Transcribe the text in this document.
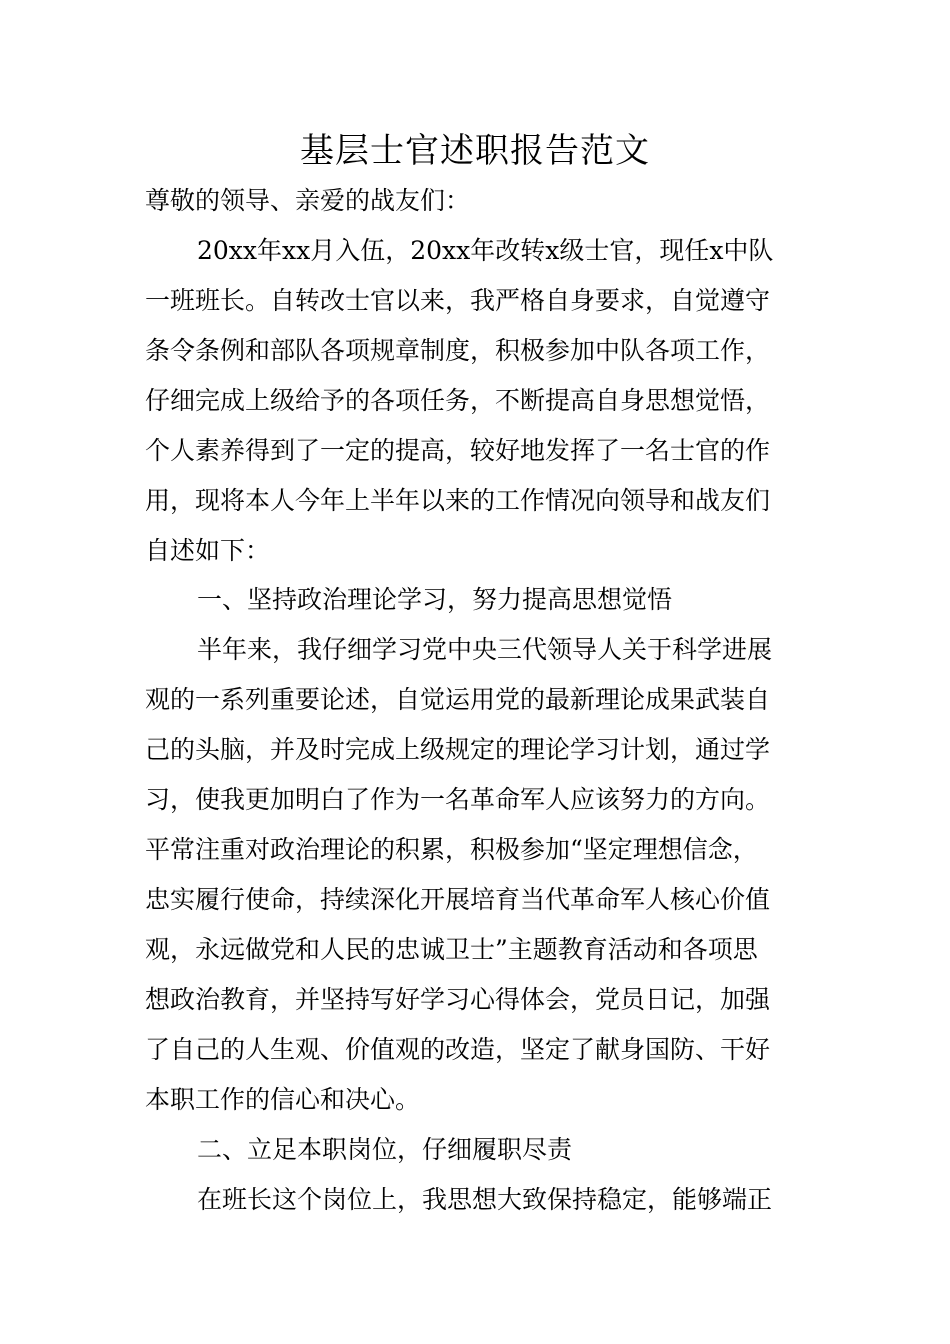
基层士官述职报告范文
尊敬的领导、亲爱的战友们：
20xx年xx月入伍，20xx年改转x级士官，现任x中队
一班班长。自转改士官以来，我严格自身要求，自觉遵守
条令条例和部队各项规章制度，积极参加中队各项工作，
仔细完成上级给予的各项任务，不断提高自身思想觉悟，
个人素养得到了一定的提高，较好地发挥了一名士官的作
用，现将本人今年上半年以来的工作情况向领导和战友们
自述如下：
一、坚持政治理论学习，努力提高思想觉悟
半年来，我仔细学习党中央三代领导人关于科学进展
观的一系列重要论述，自觉运用党的最新理论成果武装自
己的头脑，并及时完成上级规定的理论学习计划，通过学
习，使我更加明白了作为一名革命军人应该努力的方向。
平常注重对政治理论的积累，积极参加“坚定理想信念，
忠实履行使命，持续深化开展培育当代革命军人核心价值
观，永远做党和人民的忠诚卫士”主题教育活动和各项思
想政治教育，并坚持写好学习心得体会，党员日记，加强
了自己的人生观、价值观的改造，坚定了献身国防、干好
本职工作的信心和决心。
二、立足本职岗位，仔细履职尽责
在班长这个岗位上，我思想大致保持稳定，能够端正
